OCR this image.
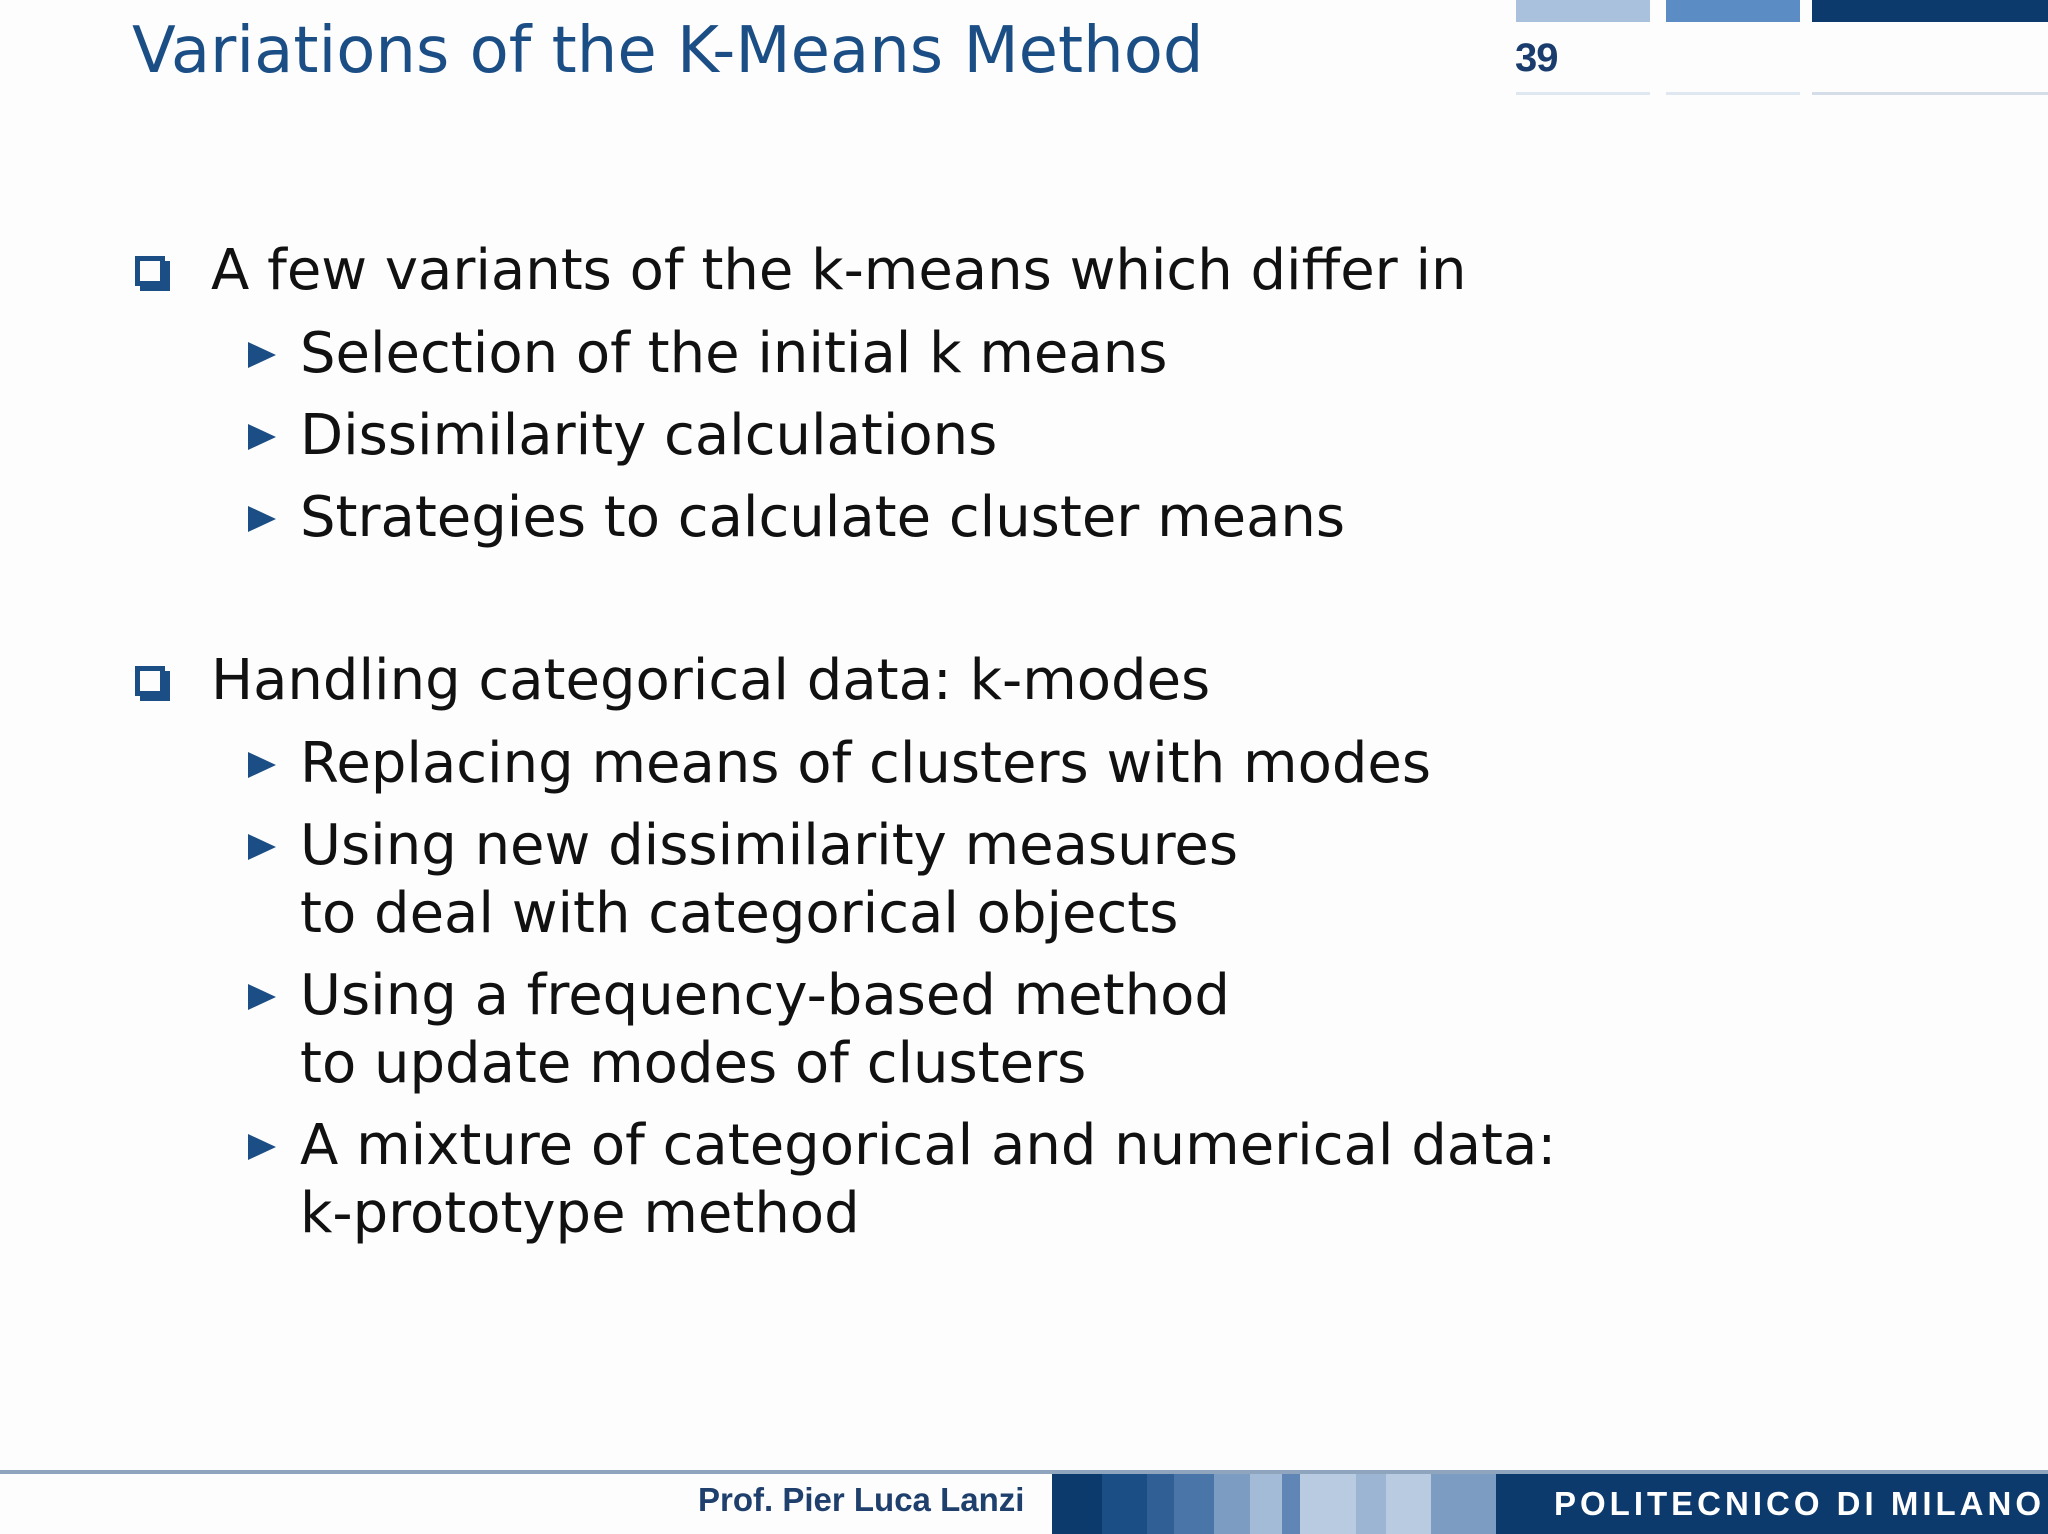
Variations of the K-Means Method	39
A few variants of the k-means which differ in
Selection of the initial k means
Dissimilarity calculations
Strategies to calculate cluster means
Handling categorical data: k-modes
Replacing means of clusters with modes
Using new dissimilarity measures
to deal with categorical objects
Using a frequency-based method
to update modes of clusters
A mixture of categorical and numerical data:
k-prototype method
Prof. Pier Luca Lanzi	POLITECNICO DI MILANO
